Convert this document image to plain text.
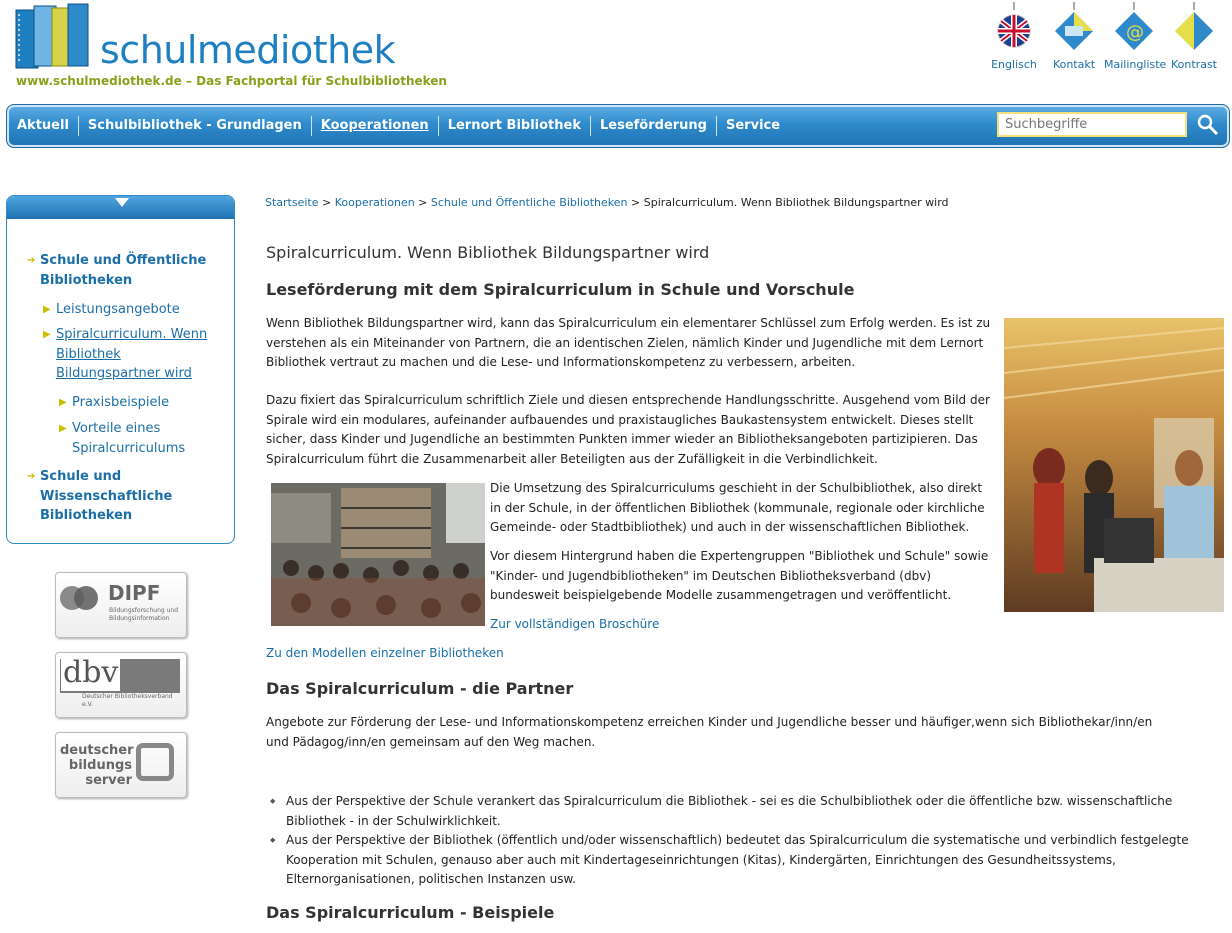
schulmediothek
www.schulmediothek.de – Das Fachportal für Schulbibliotheken
Englisch	Kontakt
@
Mailingliste Kontrast
Aktuell	Schulbibliothek - Grundlagen	Kooperationen	Lernort Bibliothek	Leseförderung	Service
Suchbegriffe
➔ Schule und Öffentliche Bibliotheken
▶ Leistungsangebote
▶ Spiralcurriculum. Wenn Bibliothek Bildungspartner wird
▶ Praxisbeispiele
▶ Vorteile eines Spiralcurriculums
➔ Schule und Wissenschaftliche Bibliotheken
DIPF
Bildungsforschung und Bildungsinformation
dbv
Deutscher Bibliotheksverband e.V.
deutscher bildungs server
Startseite > Kooperationen > Schule und Öffentliche Bibliotheken > Spiralcurriculum. Wenn Bibliothek Bildungspartner wird
Spiralcurriculum. Wenn Bibliothek Bildungspartner wird
Leseförderung mit dem Spiralcurriculum in Schule und Vorschule
Wenn Bibliothek Bildungspartner wird, kann das Spiralcurriculum ein elementarer Schlüssel zum Erfolg werden. Es ist zu verstehen als ein Miteinander von Partnern, die an identischen Zielen, nämlich Kinder und Jugendliche mit dem Lernort Bibliothek vertraut zu machen und die Lese- und Informationskompetenz zu verbessern, arbeiten.
Dazu fixiert das Spiralcurriculum schriftlich Ziele und diesen entsprechende Handlungsschritte. Ausgehend vom Bild der Spirale wird ein modulares, aufeinander aufbauendes und praxistaugliches Baukastensystem entwickelt. Dieses stellt sicher, dass Kinder und Jugendliche an bestimmten Punkten immer wieder an Bibliotheksangeboten partizipieren. Das Spiralcurriculum führt die Zusammenarbeit aller Beteiligten aus der Zufälligkeit in die Verbindlichkeit.
Die Umsetzung des Spiralcurriculums geschieht in der Schulbibliothek, also direkt in der Schule, in der öffentlichen Bibliothek (kommunale, regionale oder kirchliche Gemeinde- oder Stadtbibliothek) und auch in der wissenschaftlichen Bibliothek.
Vor diesem Hintergrund haben die Expertengruppen "Bibliothek und Schule" sowie "Kinder- und Jugendbibliotheken" im Deutschen Bibliotheksverband (dbv) bundesweit beispielgebende Modelle zusammengetragen und veröffentlicht.
Zur vollständigen Broschüre
Zu den Modellen einzelner Bibliotheken
Das Spiralcurriculum - die Partner
Angebote zur Förderung der Lese- und Informationskompetenz erreichen Kinder und Jugendliche besser und häufiger,wenn sich Bibliothekar/inn/en und Pädagog/inn/en gemeinsam auf den Weg machen.
◆ Aus der Perspektive der Schule verankert das Spiralcurriculum die Bibliothek - sei es die Schulbibliothek oder die öffentliche bzw. wissenschaftliche Bibliothek - in der Schulwirklichkeit.
◆ Aus der Perspektive der Bibliothek (öffentlich und/oder wissenschaftlich) bedeutet das Spiralcurriculum die systematische und verbindlich festgelegte Kooperation mit Schulen, genauso aber auch mit Kindertageseinrichtungen (Kitas), Kindergärten, Einrichtungen des Gesundheitssystems, Elternorganisationen, politischen Instanzen usw.
Das Spiralcurriculum - Beispiele
